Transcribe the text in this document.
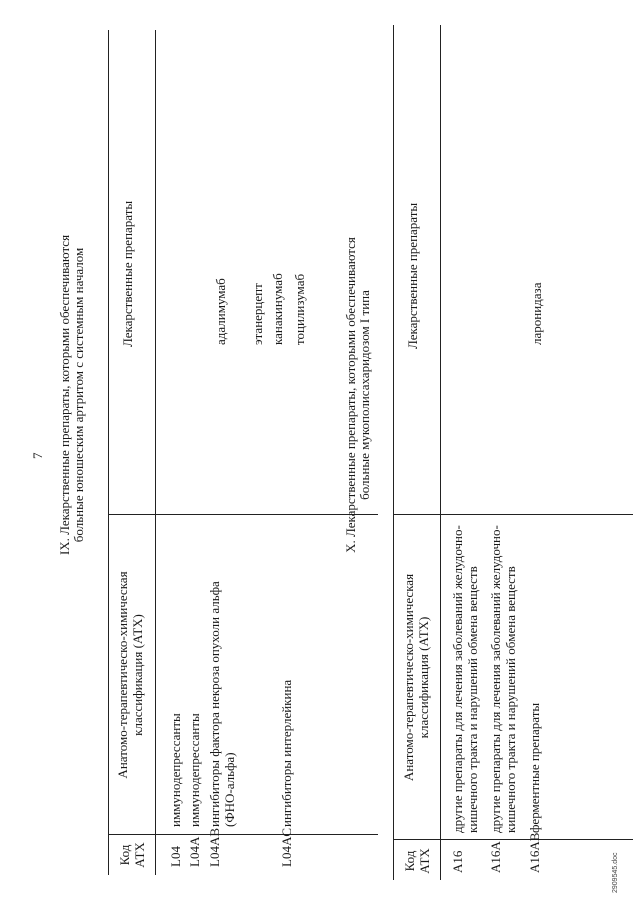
7 IX. Лекарственные препараты, которыми обеспечиваются больные юношеским артритом с системным началом
Код АТХ
Анатомо-терапевтическо-химическая классификация (АТХ)
Лекарственные препараты
L04
иммунодепрессанты
L04A
иммунодепрессанты
L04AB
ингибиторы фактора некроза опухоли альфа (ФНО-альфа)
адалимумаб этанерцепт
L04AC
ингибиторы интерлейкина
канакинумаб тоцилизумаб	X. Лекарственные препараты, которыми обеспечиваются больные мукополисахаридозом I типа
Код АТХ
Анатомо-терапевтическо-химическая классификация (АТХ)
Лекарственные препараты
A16
другие препараты для лечения заболеваний желудочно- кишечного тракта и нарушений обмена веществ
A16A
другие препараты для лечения заболеваний желудочно- кишечного тракта и нарушений обмена веществ
A16AB
ферментные препараты
ларонидаза
2909545.doc
